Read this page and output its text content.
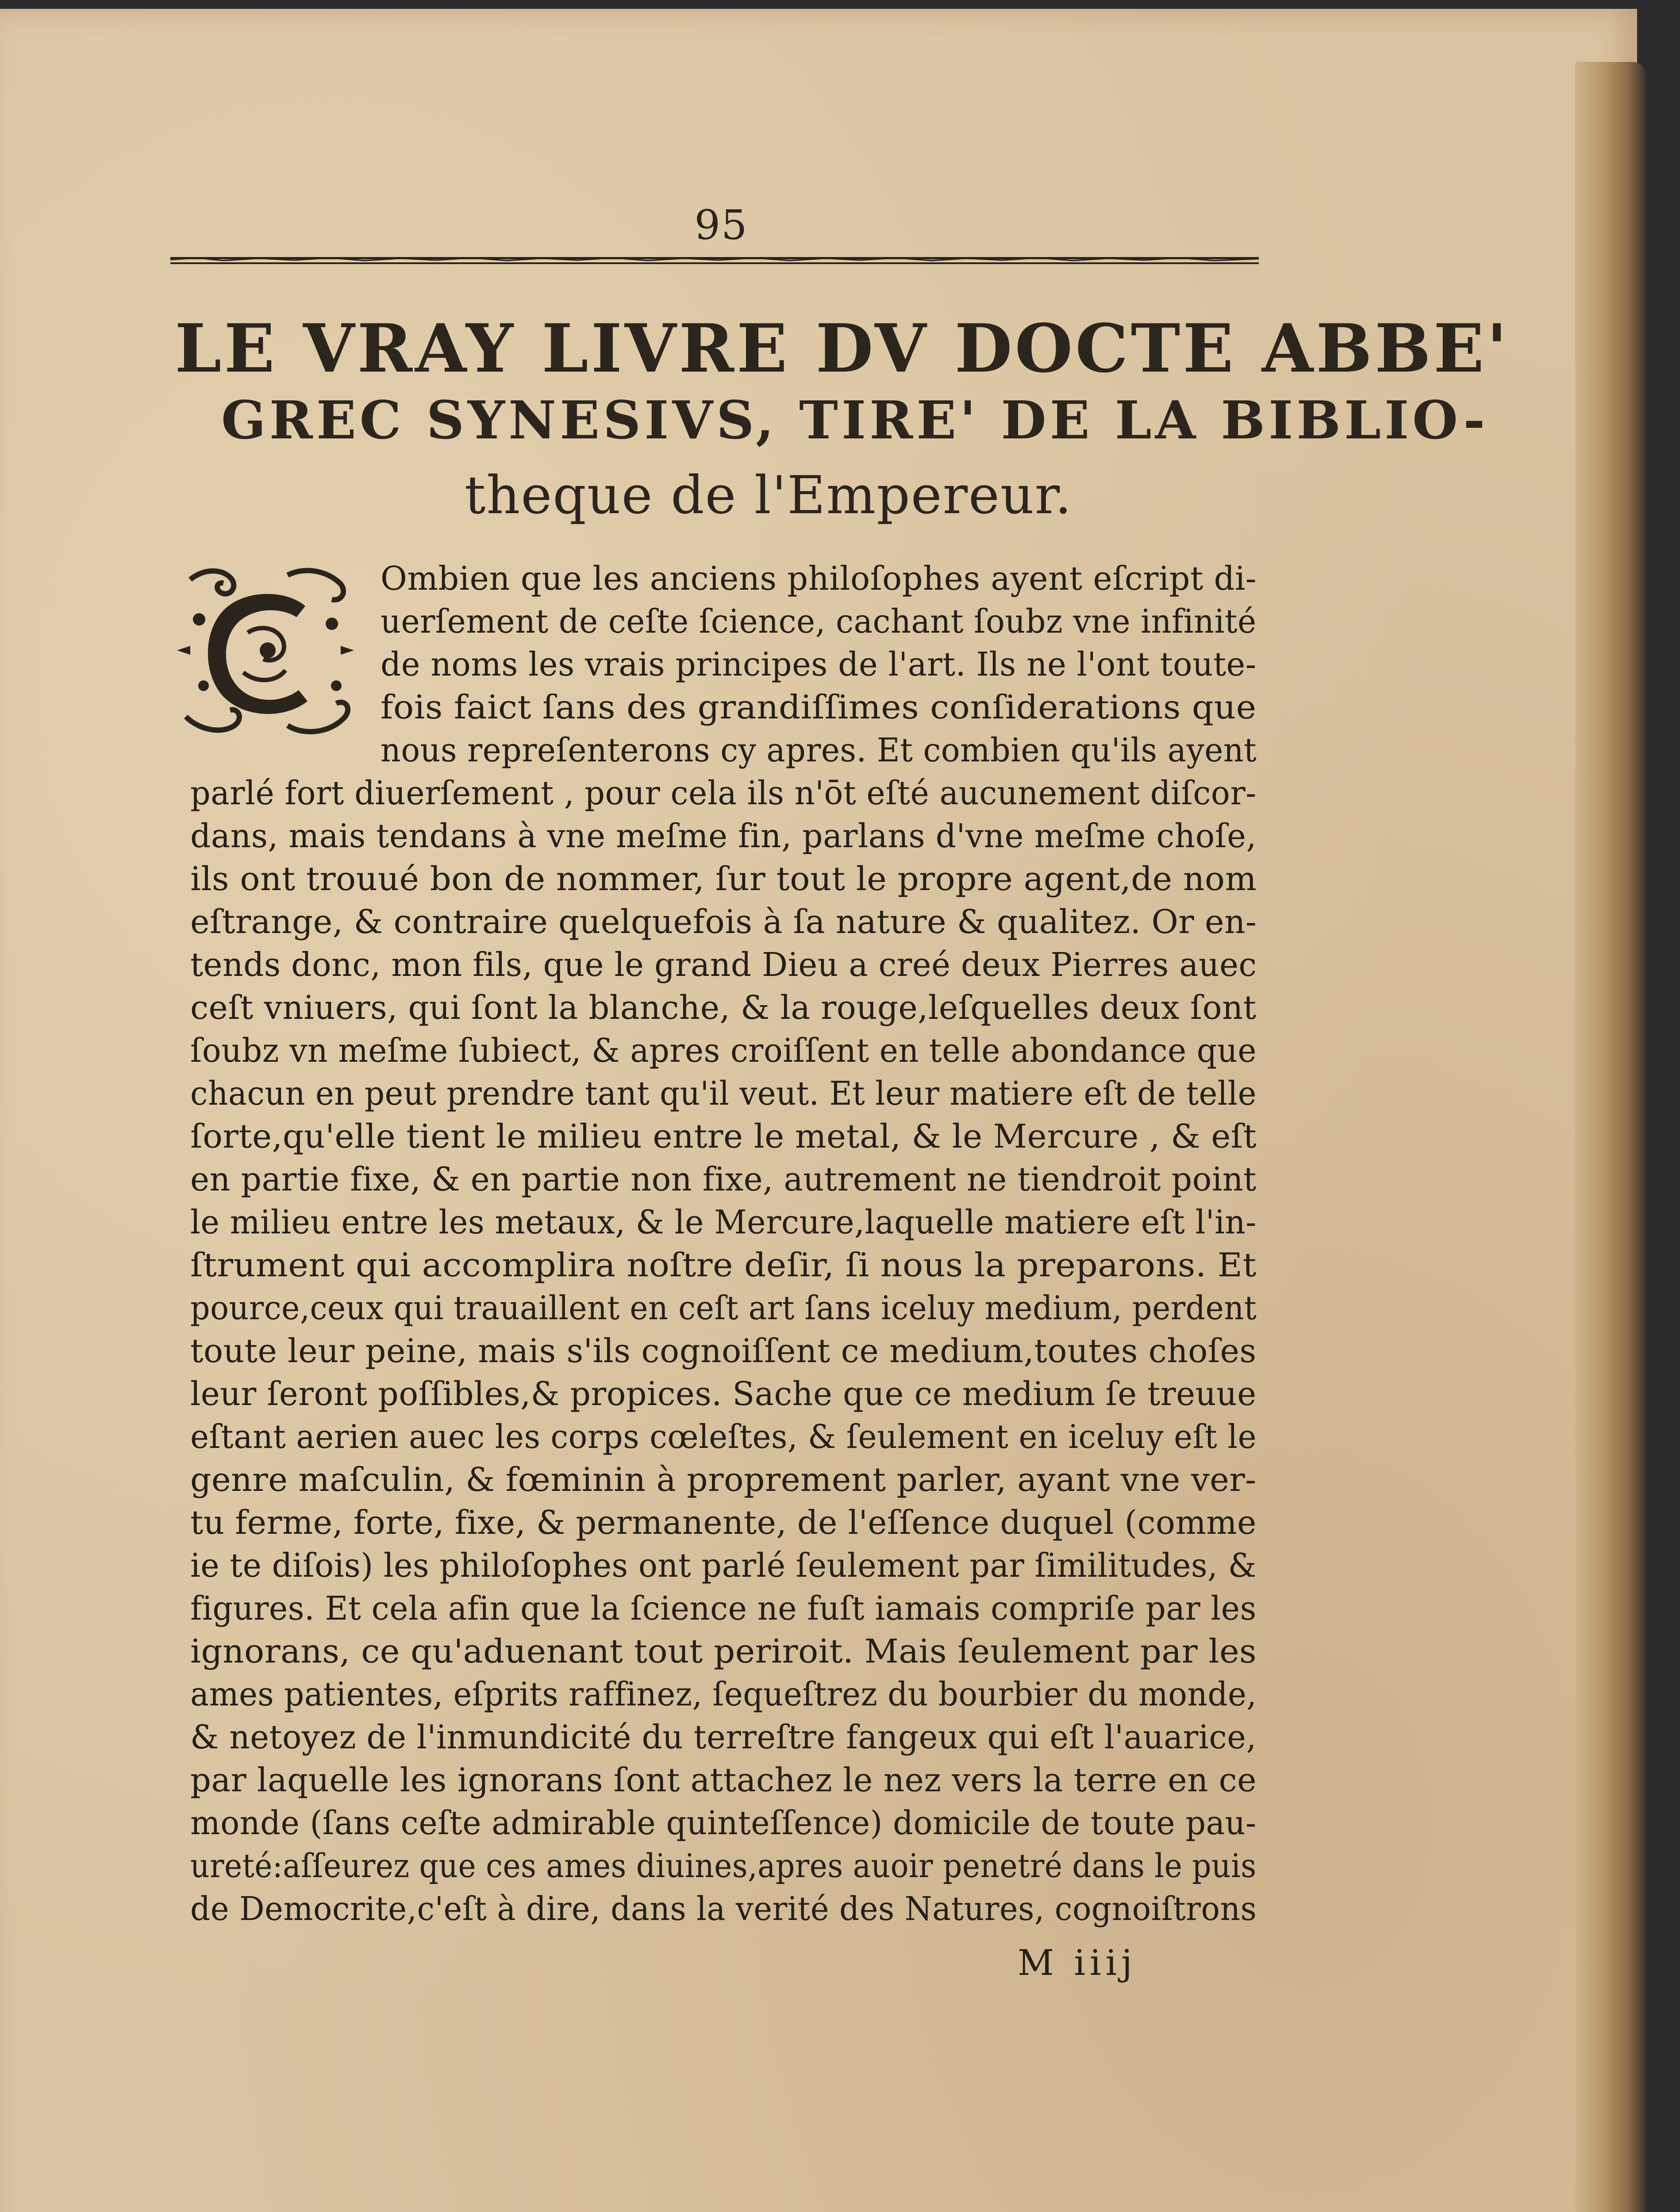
95
LE VRAY LIVRE DV DOCTE ABBE'
GREC SYNESIVS, TIRE' DE LA BIBLIO-
theque de l'Empereur.
Ombien que les anciens philoſophes ayent eſcript di-
uerſement de ceſte ſcience, cachant ſoubz vne infinité
de noms les vrais principes de l'art. Ils ne l'ont toute-
fois faict ſans des grandiſſimes conſiderations que
nous repreſenterons cy apres. Et combien qu'ils ayent
parlé fort diuerſement , pour cela ils n'ōt eſté aucunement diſcor-
dans, mais tendans à vne meſme fin, parlans d'vne meſme choſe,
ils ont trouué bon de nommer, ſur tout le propre agent,de nom
eſtrange, & contraire quelquefois à ſa nature & qualitez. Or en-
tends donc, mon fils, que le grand Dieu a creé deux Pierres auec
ceſt vniuers, qui ſont la blanche, & la rouge,leſquelles deux ſont
ſoubz vn meſme ſubiect, & apres croiſſent en telle abondance que
chacun en peut prendre tant qu'il veut. Et leur matiere eſt de telle
ſorte,qu'elle tient le milieu entre le metal, & le Mercure , & eſt
en partie fixe, & en partie non fixe, autrement ne tiendroit point
le milieu entre les metaux, & le Mercure,laquelle matiere eſt l'in-
ſtrument qui accomplira noſtre deſir, ſi nous la preparons. Et
pource,ceux qui trauaillent en ceſt art ſans iceluy medium, perdent
toute leur peine, mais s'ils cognoiſſent ce medium,toutes choſes
leur ſeront poſſibles,& propices. Sache que ce medium ſe treuue
eſtant aerien auec les corps cœleſtes, & ſeulement en iceluy eſt le
genre maſculin, & fœminin à proprement parler, ayant vne ver-
tu ferme, forte, fixe, & permanente, de l'eſſence duquel (comme
ie te diſois) les philoſophes ont parlé ſeulement par ſimilitudes, &
figures. Et cela afin que la ſcience ne fuſt iamais compriſe par les
ignorans, ce qu'aduenant tout periroit. Mais ſeulement par les
ames patientes, eſprits raffinez, ſequeſtrez du bourbier du monde,
& netoyez de l'inmundicité du terreſtre fangeux qui eſt l'auarice,
par laquelle les ignorans ſont attachez le nez vers la terre en ce
monde (ſans ceſte admirable quinteſſence) domicile de toute pau-
ureté:aſſeurez que ces ames diuines,apres auoir penetré dans le puis
de Democrite,c'eſt à dire, dans la verité des Natures, cognoiſtrons
M iiij
